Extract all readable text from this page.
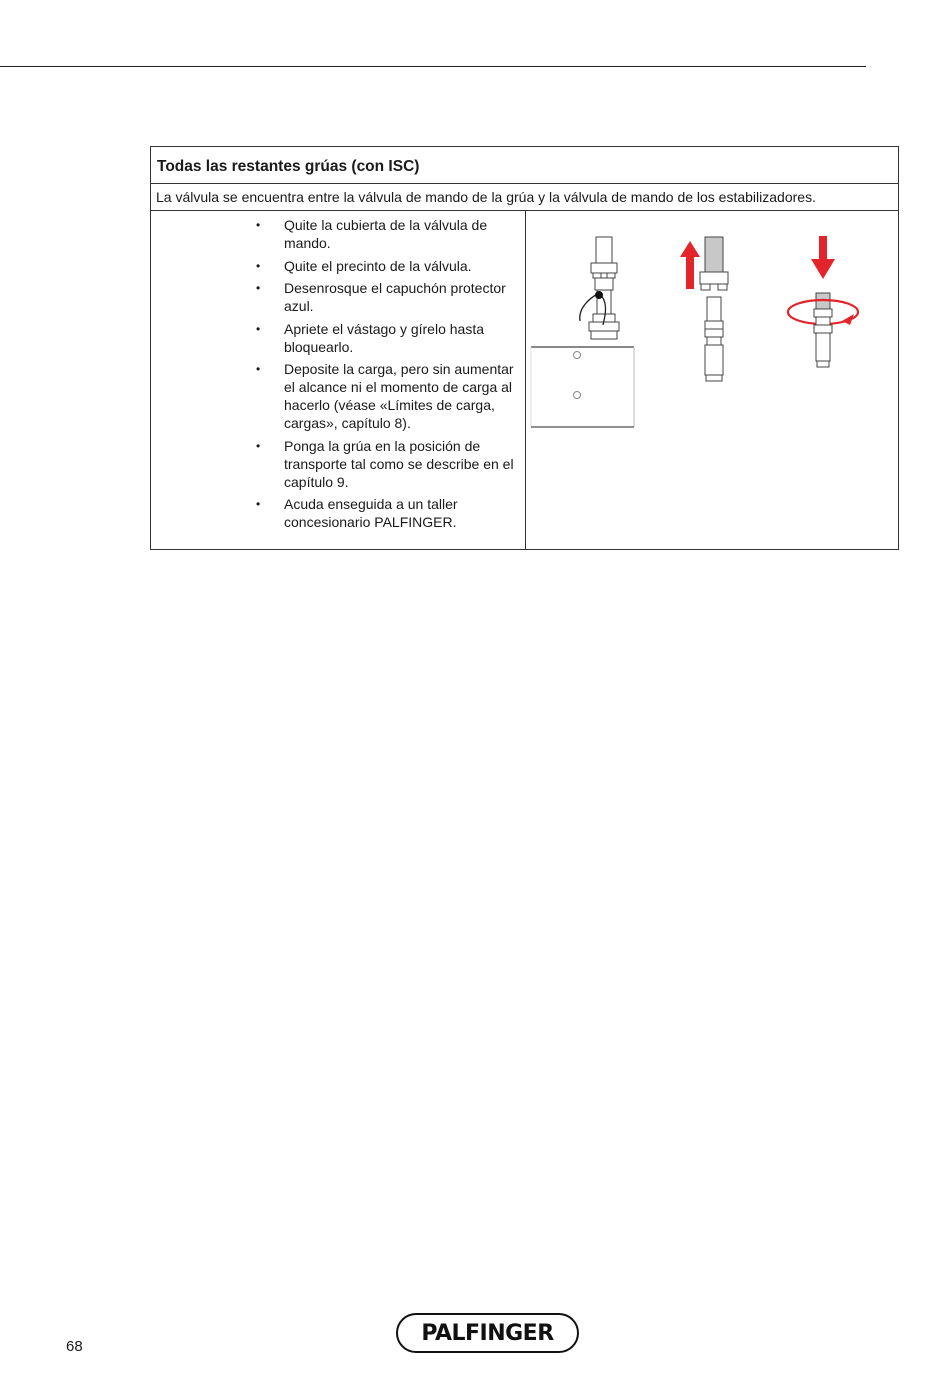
Todas las restantes grúas (con ISC)
La válvula se encuentra entre la válvula de mando de la grúa y la válvula de mando de los estabilizadores.
• Quite la cubierta de la válvula de mando.
• Quite el precinto de la válvula.
• Desenrosque el capuchón protector azul.
• Apriete el vástago y gírelo hasta bloquearlo.
• Deposite la carga, pero sin aumentar el alcance ni el momento de carga al hacerlo (véase «Límites de carga, cargas», capítulo 8).
• Ponga la grúa en la posición de transporte tal como se describe en el capítulo 9.
• Acuda enseguida a un taller concesionario PALFINGER.
68
PALFINGER
